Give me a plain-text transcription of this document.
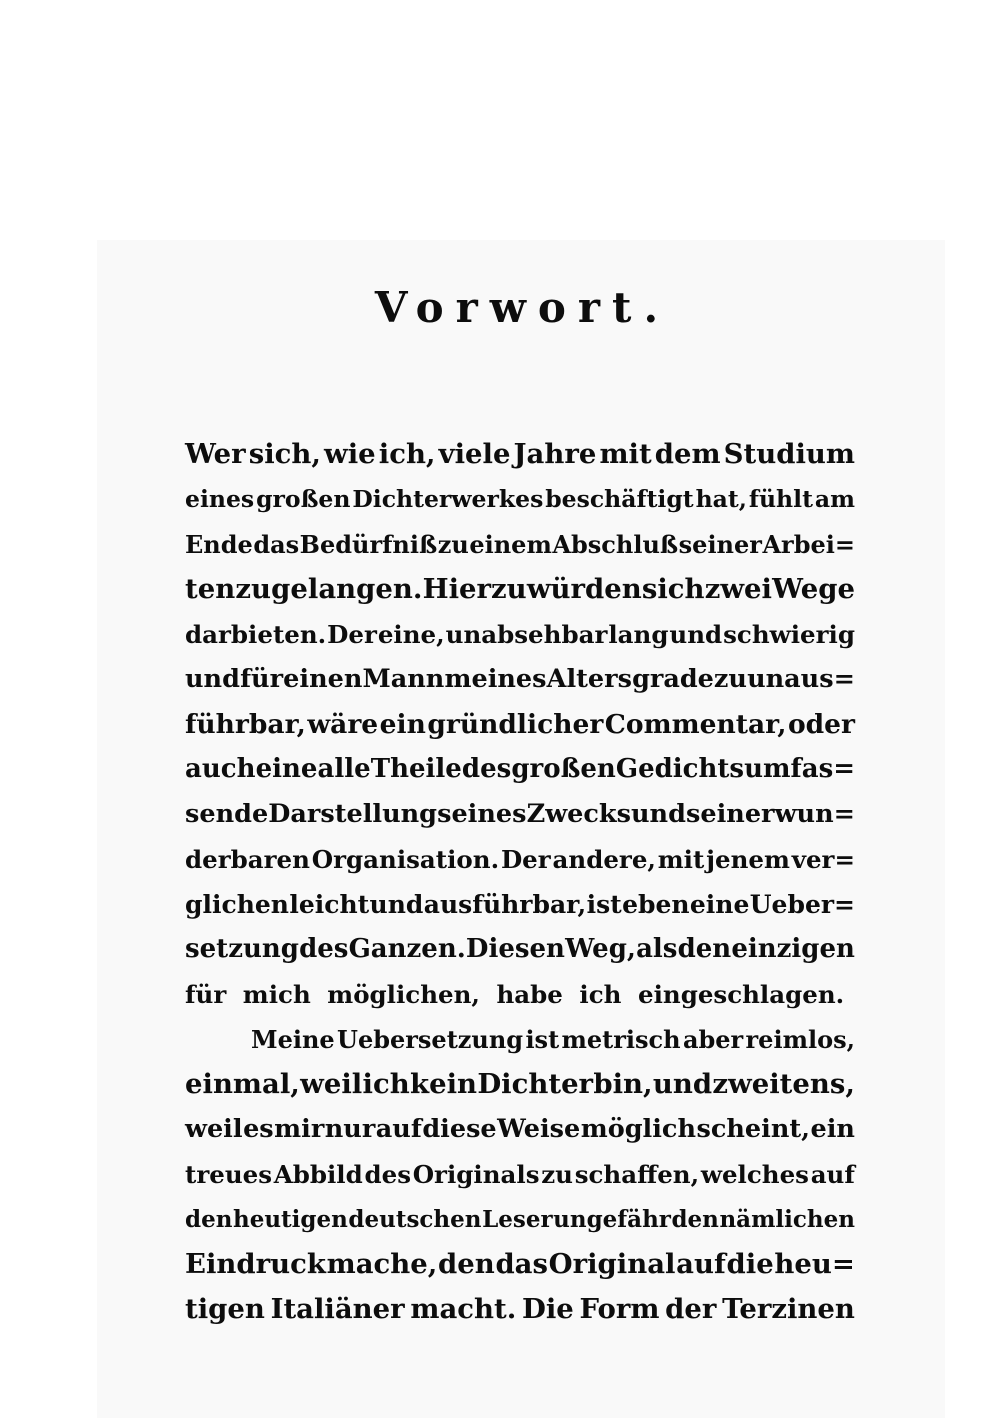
Vorwort.
Wer sich, wie ich, viele Jahre mit dem Studium
eines großen Dichterwerkes beschäftigt hat, fühlt am
Ende das Bedürfniß zu einem Abschluß seiner Arbei=
ten zu gelangen. Hierzu würden sich zwei Wege
darbieten. Der eine, unabsehbar lang und schwierig
und für einen Mann meines Alters gradezu unaus=
führbar, wäre ein gründlicher Commentar, oder
auch eine alle Theile des großen Gedichts umfas=
sende Darstellung seines Zwecks und seiner wun=
derbaren Organisation. Der andere, mit jenem ver=
glichen leicht und ausführbar, ist eben eine Ueber=
setzung des Ganzen. Diesen Weg, als den einzigen
für mich möglichen, habe ich eingeschlagen.
Meine Uebersetzung ist metrisch aber reimlos,
einmal, weil ich kein Dichter bin, und zweitens,
weil es mir nur auf diese Weise möglich scheint, ein
treues Abbild des Originals zu schaffen, welches auf
den heutigen deutschen Leser ungefähr den nämlichen
Eindruck mache, den das Original auf die heu=
tigen Italiäner macht. Die Form der Terzinen
